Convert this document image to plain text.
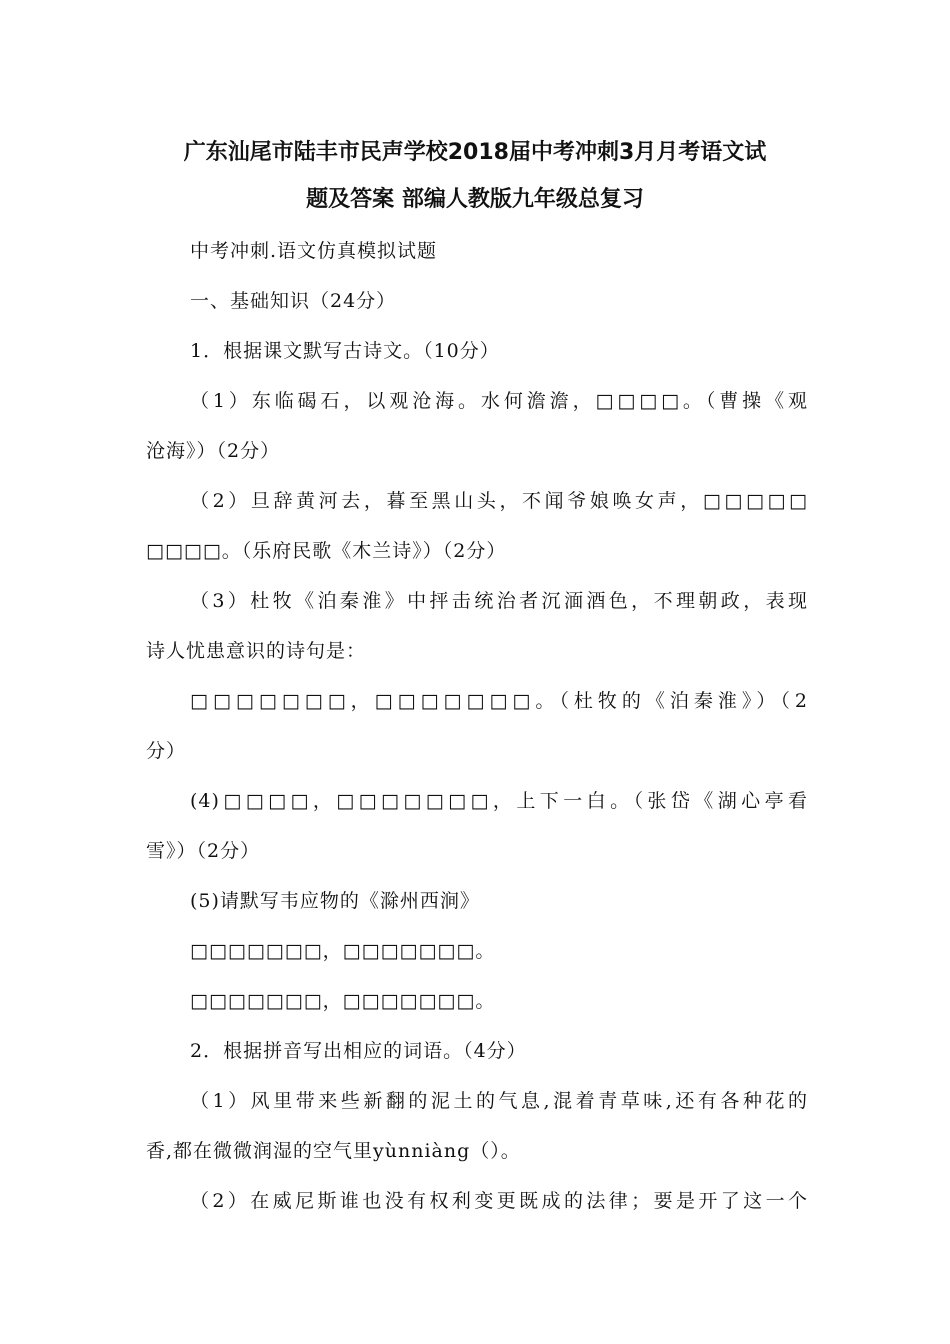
广东汕尾市陆丰市民声学校2018届中考冲刺3月月考语文试
题及答案 部编人教版九年级总复习
中考冲刺.语文仿真模拟试题
一、基础知识（24分）
1．根据课文默写古诗文。（10分）
（1）东临碣石，以观沧海。水何澹澹，□□□□。（曹操《观
沧海》）（2分）
（2）旦辞黄河去，暮至黑山头，不闻爷娘唤女声，□□□□□
□□□□。（乐府民歌《木兰诗》）（2分）
（3）杜牧《泊秦淮》中抨击统治者沉湎酒色，不理朝政，表现
诗人忧患意识的诗句是：
□□□□□□□，□□□□□□□。（杜牧的《泊秦淮》）（2
分）
(4)□□□□，□□□□□□□，上下一白。（张岱《湖心亭看
雪》）（2分）
(5)请默写韦应物的《滁州西涧》
□□□□□□□，□□□□□□□。
□□□□□□□，□□□□□□□。
2．根据拼音写出相应的词语。（4分）
（1）风里带来些新翻的泥土的气息,混着青草味,还有各种花的
香,都在微微润湿的空气里yùnniàng（）。
（2）在威尼斯谁也没有权利变更既成的法律；要是开了这一个
